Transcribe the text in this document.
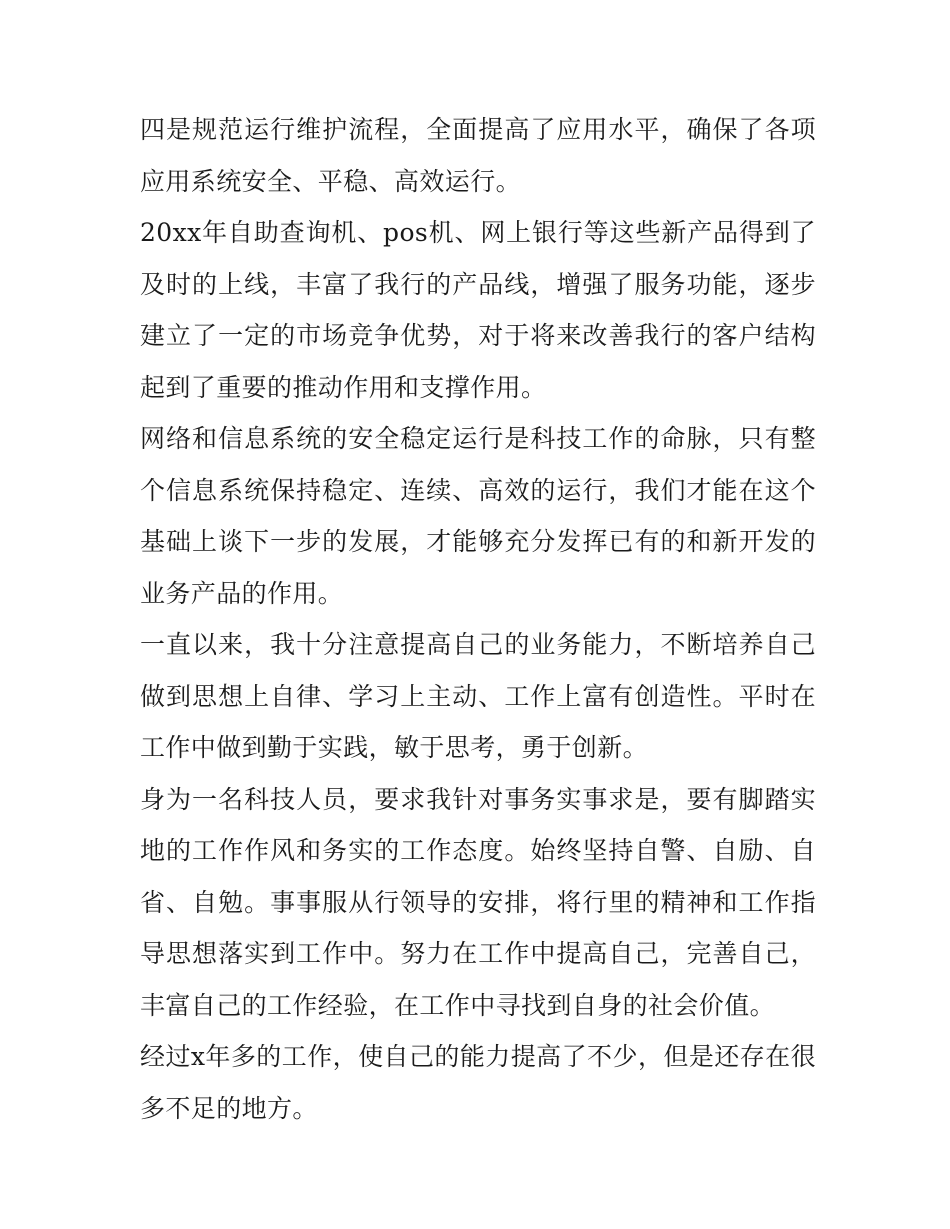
四是规范运行维护流程，全面提高了应用水平，确保了各项应用系统安全、平稳、高效运行。

20xx年自助查询机、pos机、网上银行等这些新产品得到了及时的上线，丰富了我行的产品线，增强了服务功能，逐步建立了一定的市场竞争优势，对于将来改善我行的客户结构起到了重要的推动作用和支撑作用。

网络和信息系统的安全稳定运行是科技工作的命脉，只有整个信息系统保持稳定、连续、高效的运行，我们才能在这个基础上谈下一步的发展，才能够充分发挥已有的和新开发的业务产品的作用。

一直以来，我十分注意提高自己的业务能力，不断培养自己做到思想上自律、学习上主动、工作上富有创造性。平时在工作中做到勤于实践，敏于思考，勇于创新。

身为一名科技人员，要求我针对事务实事求是，要有脚踏实地的工作作风和务实的工作态度。始终坚持自警、自励、自省、自勉。事事服从行领导的安排，将行里的精神和工作指导思想落实到工作中。努力在工作中提高自己，完善自己，丰富自己的工作经验，在工作中寻找到自身的社会价值。

经过x年多的工作，使自己的能力提高了不少，但是还存在很多不足的地方。
